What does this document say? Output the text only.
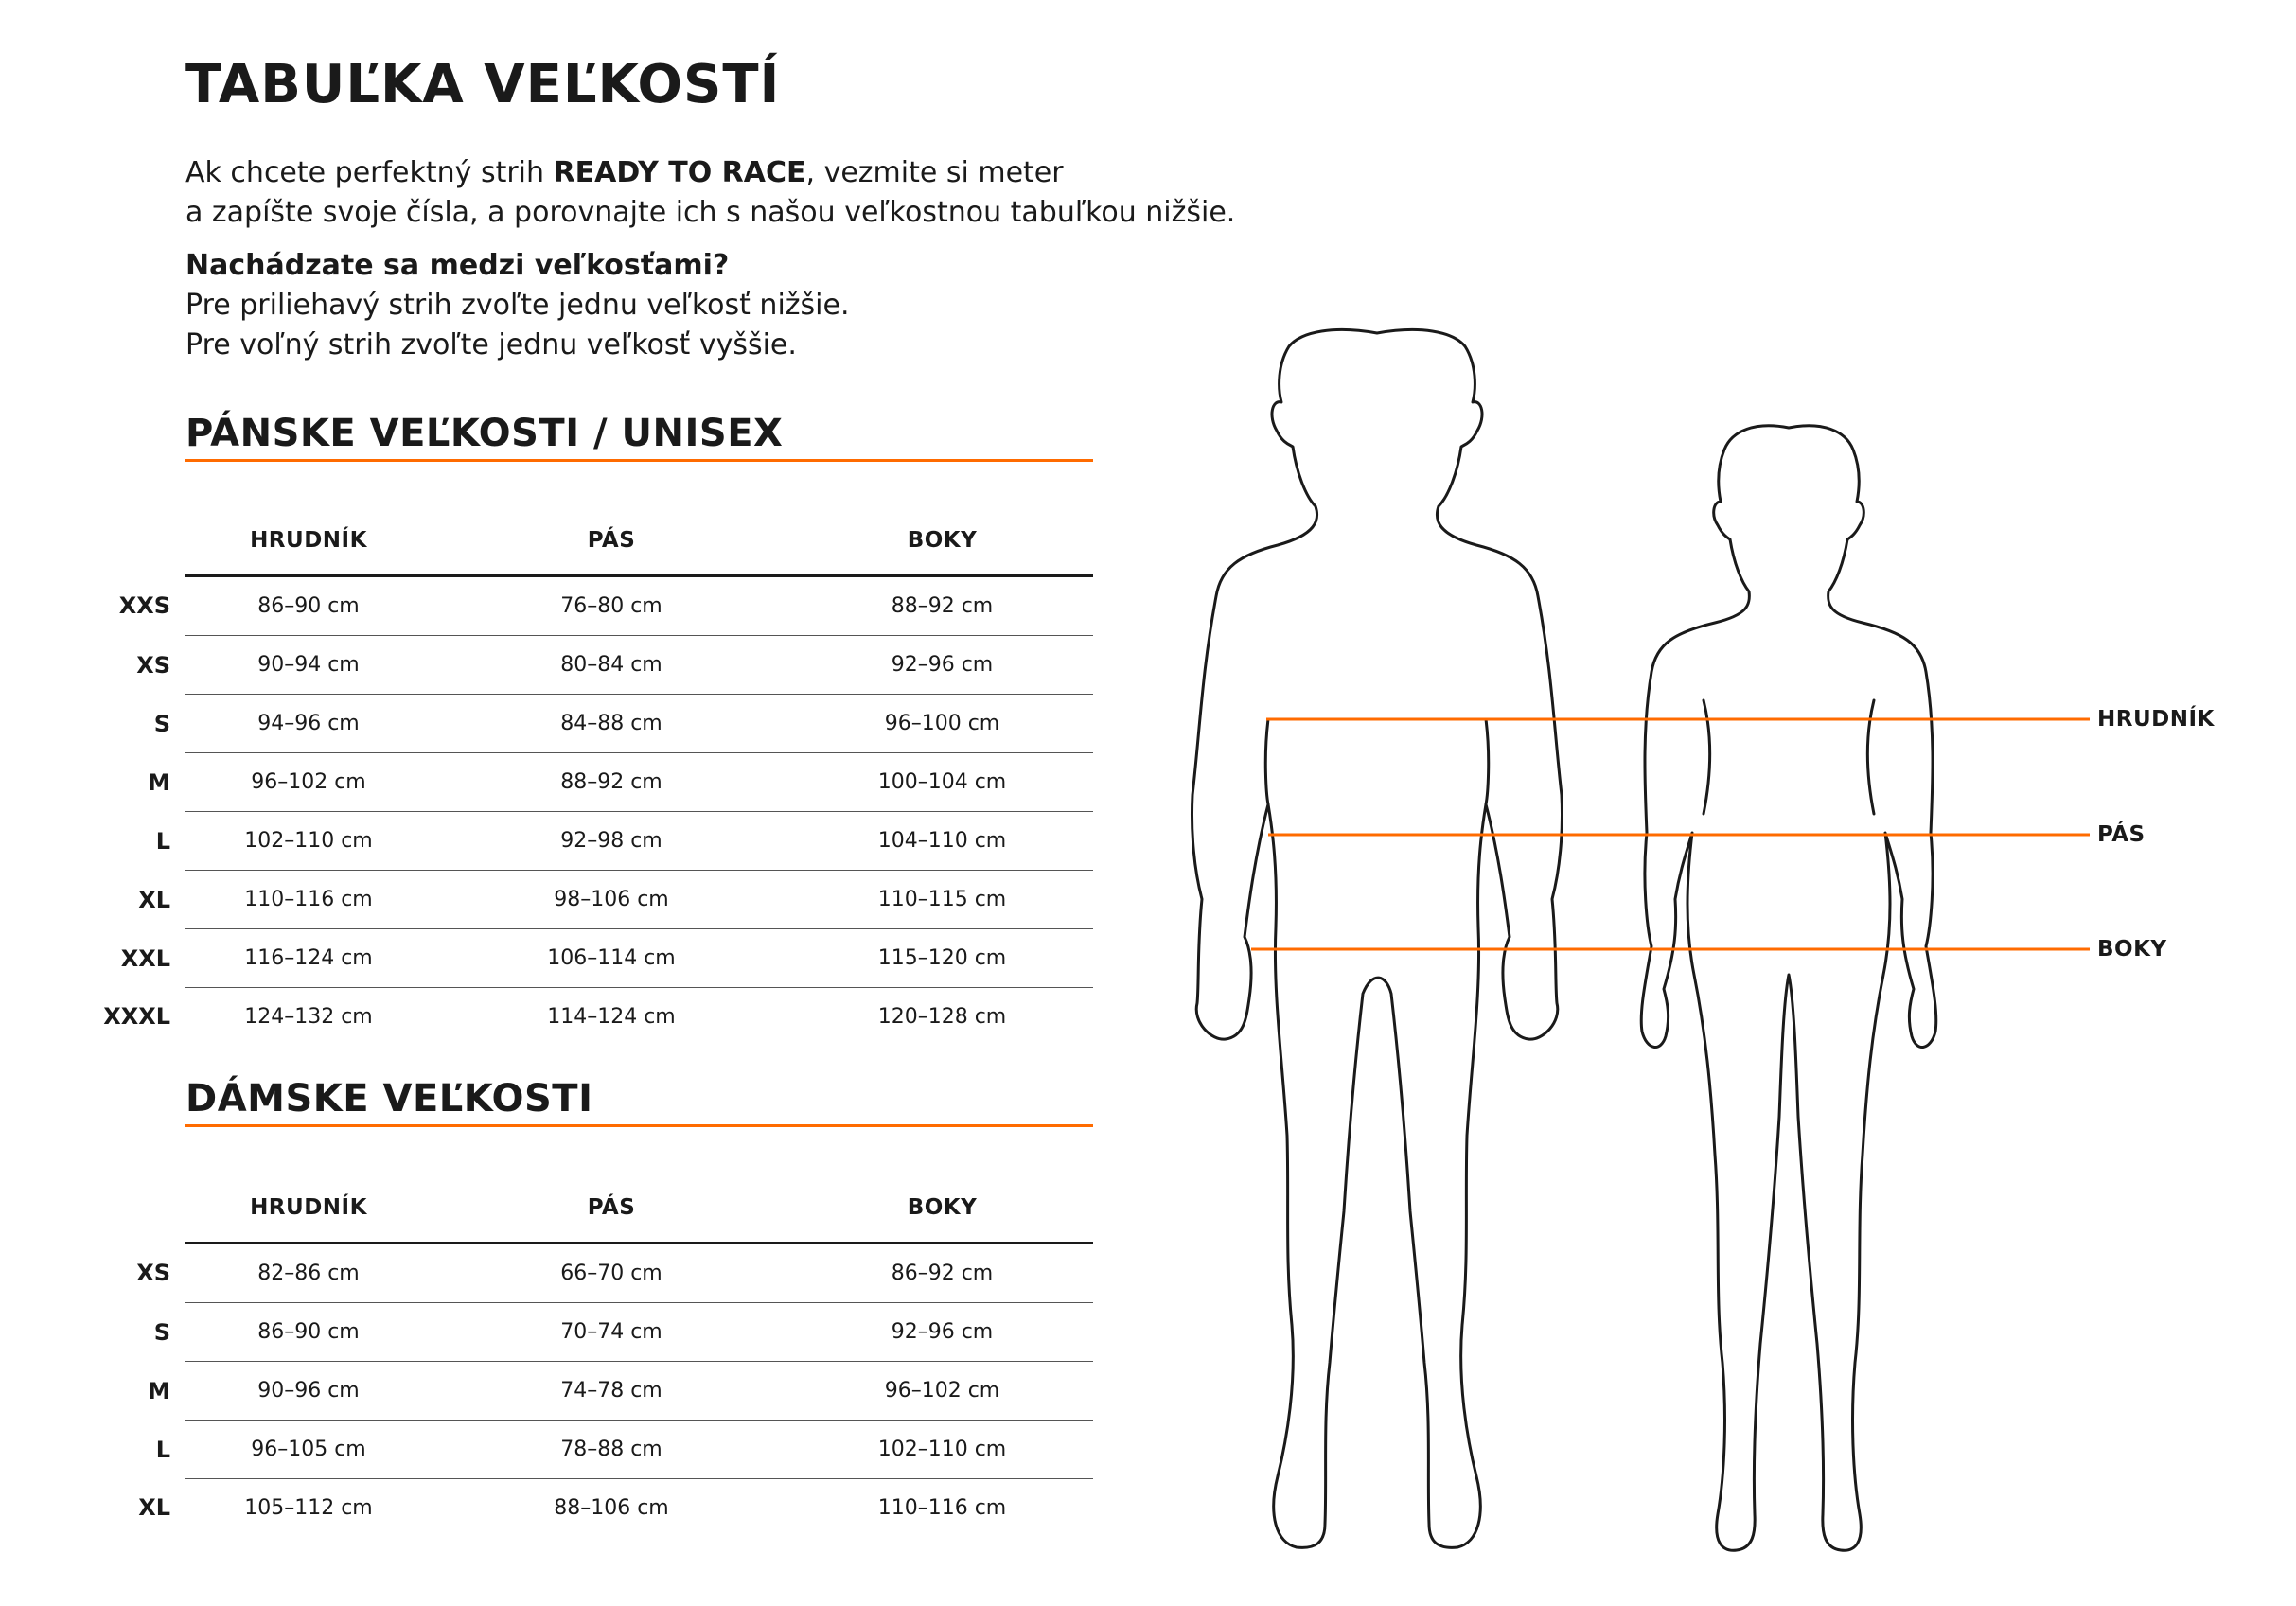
TABUĽKA VEĽKOSTÍ

Ak chcete perfektný strih READY TO RACE, vezmite si meter

a zapíšte svoje čísla, a porovnajte ich s našou veľkostnou tabuľkou nižšie.

Nachádzate sa medzi veľkosťami?

Pre priliehavý strih zvoľte jednu veľkosť nižšie.

Pre voľný strih zvoľte jednu veľkosť vyššie.

PÁNSKE VEĽKOSTI / UNISEX
	HRUDNÍK	PÁS	BOKY
XXS	86–90 cm	76–80 cm	88–92 cm
XS	90–94 cm	80–84 cm	92–96 cm
S	94–96 cm	84–88 cm	96–100 cm
M	96–102 cm	88–92 cm	100–104 cm
L	102–110 cm	92–98 cm	104–110 cm
XL	110–116 cm	98–106 cm	110–115 cm
XXL	116–124 cm	106–114 cm	115–120 cm
XXXL	124–132 cm	114–124 cm	120–128 cm
DÁMSKE VEĽKOSTI
	HRUDNÍK	PÁS	BOKY
XS	82–86 cm	66–70 cm	86–92 cm
S	86–90 cm	70–74 cm	92–96 cm
M	90–96 cm	74–78 cm	96–102 cm
L	96–105 cm	78–88 cm	102–110 cm
XL	105–112 cm	88–106 cm	110–116 cm
HRUDNÍK
PÁS
BOKY
